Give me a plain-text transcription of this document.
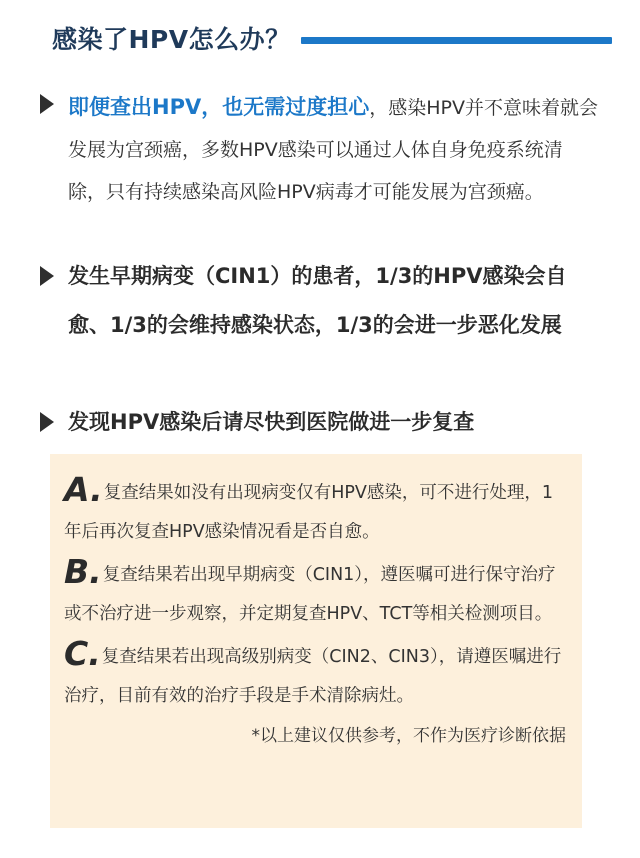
感染了HPV怎么办？
即便查出HPV，也无需过度担心，感染HPV并不意味着就会发展为宫颈癌，多数HPV感染可以通过人体自身免疫系统清除，只有持续感染高风险HPV病毒才可能发展为宫颈癌。
发生早期病变（CIN1）的患者，1/3的HPV感染会自愈、1/3的会维持感染状态，1/3的会进一步恶化发展
发现HPV感染后请尽快到医院做进一步复查
A.复查结果如没有出现病变仅有HPV感染，可不进行处理，1年后再次复查HPV感染情况看是否自愈。
B.复查结果若出现早期病变（CIN1），遵医嘱可进行保守治疗或不治疗进一步观察，并定期复查HPV、TCT等相关检测项目。
C.复查结果若出现高级别病变（CIN2、CIN3），请遵医嘱进行治疗，目前有效的治疗手段是手术清除病灶。
*以上建议仅供参考，不作为医疗诊断依据
